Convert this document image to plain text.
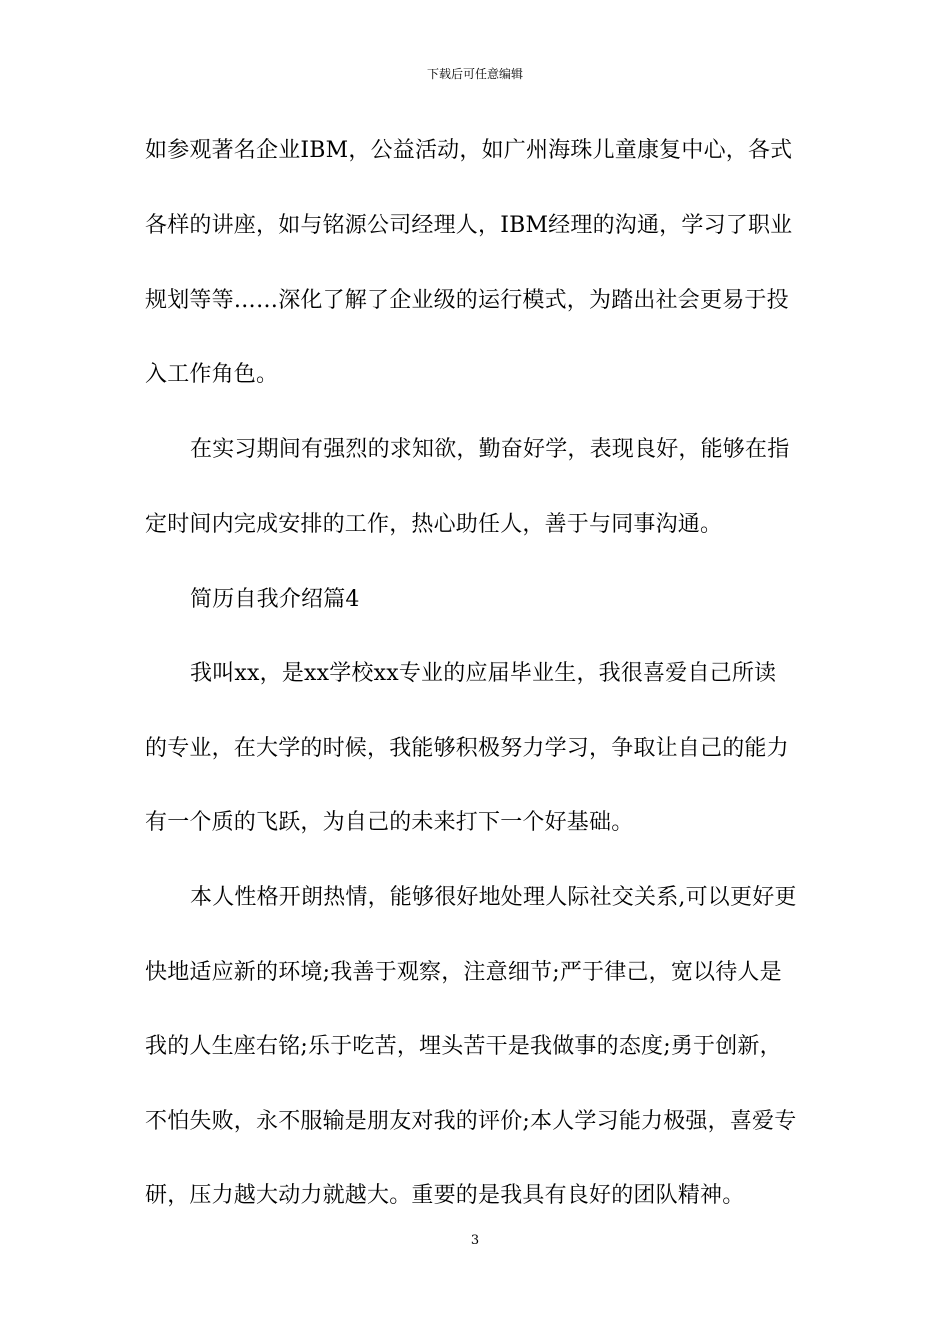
下载后可任意编辑
如参观著名企业IBM，公益活动，如广州海珠儿童康复中心，各式
各样的讲座，如与铭源公司经理人，IBM经理的沟通，学习了职业
规划等等……深化了解了企业级的运行模式，为踏出社会更易于投
入工作角色。
在实习期间有强烈的求知欲，勤奋好学，表现良好，能够在指
定时间内完成安排的工作，热心助任人，善于与同事沟通。
简历自我介绍篇4
我叫xx，是xx学校xx专业的应届毕业生，我很喜爱自己所读
的专业，在大学的时候，我能够积极努力学习，争取让自己的能力
有一个质的飞跃，为自己的未来打下一个好基础。
本人性格开朗热情，能够很好地处理人际社交关系,可以更好更
快地适应新的环境;我善于观察，注意细节;严于律己，宽以待人是
我的人生座右铭;乐于吃苦，埋头苦干是我做事的态度;勇于创新，
不怕失败，永不服输是朋友对我的评价;本人学习能力极强，喜爱专
研，压力越大动力就越大。重要的是我具有良好的团队精神。
3
